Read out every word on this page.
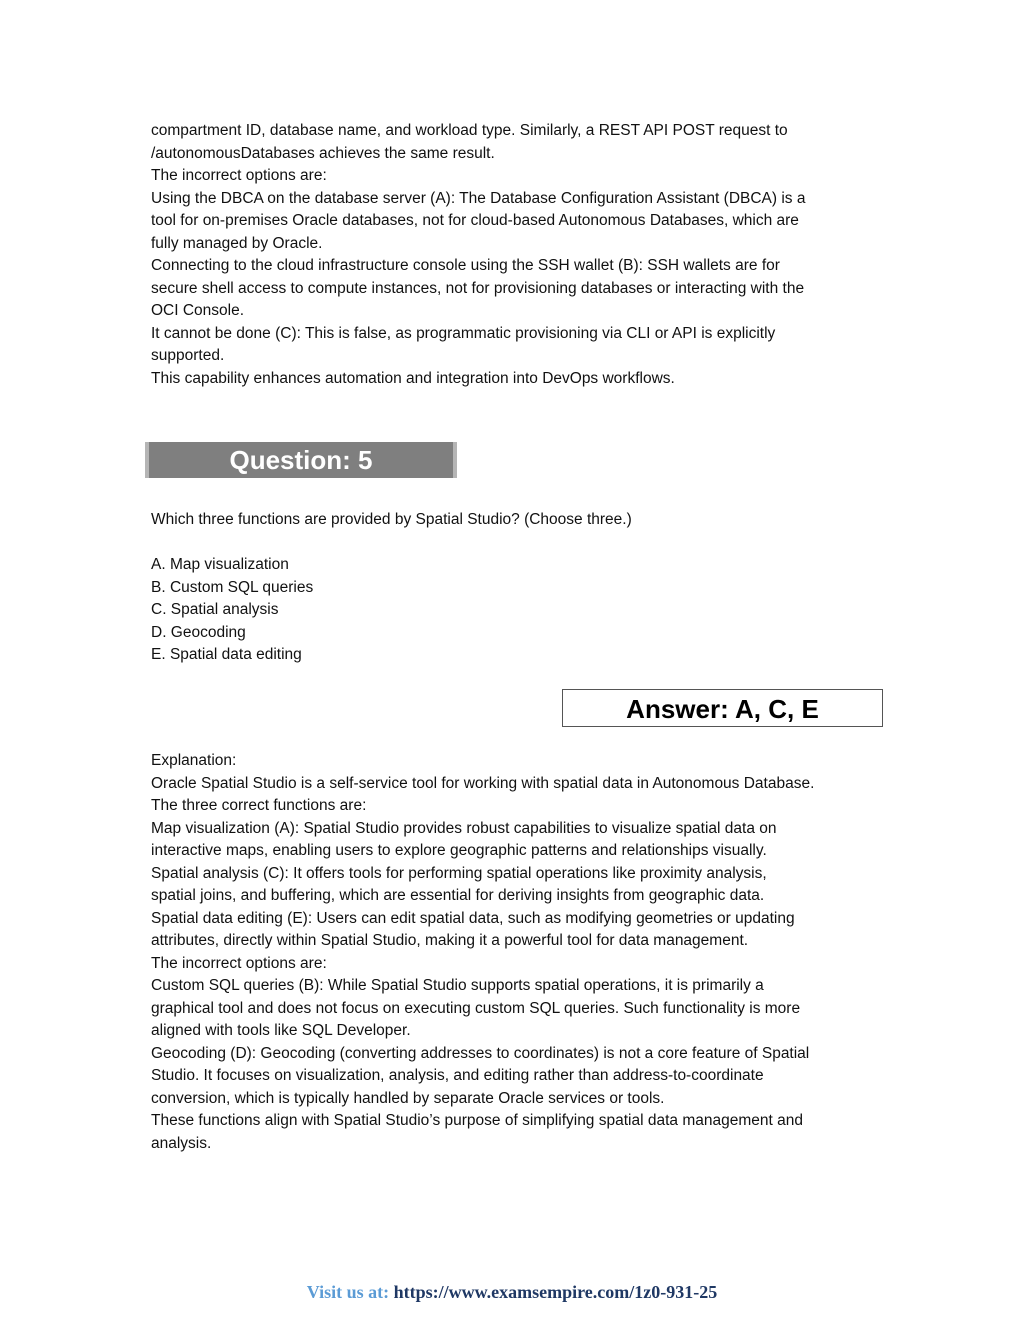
compartment ID, database name, and workload type. Similarly, a REST API POST request to
/autonomousDatabases achieves the same result.
The incorrect options are:
Using the DBCA on the database server (A): The Database Configuration Assistant (DBCA) is a
tool for on-premises Oracle databases, not for cloud-based Autonomous Databases, which are
fully managed by Oracle.
Connecting to the cloud infrastructure console using the SSH wallet (B): SSH wallets are for
secure shell access to compute instances, not for provisioning databases or interacting with the
OCI Console.
It cannot be done (C): This is false, as programmatic provisioning via CLI or API is explicitly
supported.
This capability enhances automation and integration into DevOps workflows.
Question: 5
Which three functions are provided by Spatial Studio? (Choose three.)
A. Map visualization
B. Custom SQL queries
C. Spatial analysis
D. Geocoding
E. Spatial data editing
Answer: A, C, E
Explanation:
Oracle Spatial Studio is a self-service tool for working with spatial data in Autonomous Database.
The three correct functions are:
Map visualization (A): Spatial Studio provides robust capabilities to visualize spatial data on
interactive maps, enabling users to explore geographic patterns and relationships visually.
Spatial analysis (C): It offers tools for performing spatial operations like proximity analysis,
spatial joins, and buffering, which are essential for deriving insights from geographic data.
Spatial data editing (E): Users can edit spatial data, such as modifying geometries or updating
attributes, directly within Spatial Studio, making it a powerful tool for data management.
The incorrect options are:
Custom SQL queries (B): While Spatial Studio supports spatial operations, it is primarily a
graphical tool and does not focus on executing custom SQL queries. Such functionality is more
aligned with tools like SQL Developer.
Geocoding (D): Geocoding (converting addresses to coordinates) is not a core feature of Spatial
Studio. It focuses on visualization, analysis, and editing rather than address-to-coordinate
conversion, which is typically handled by separate Oracle services or tools.
These functions align with Spatial Studio’s purpose of simplifying spatial data management and
analysis.
Visit us at: https://www.examsempire.com/1z0-931-25
